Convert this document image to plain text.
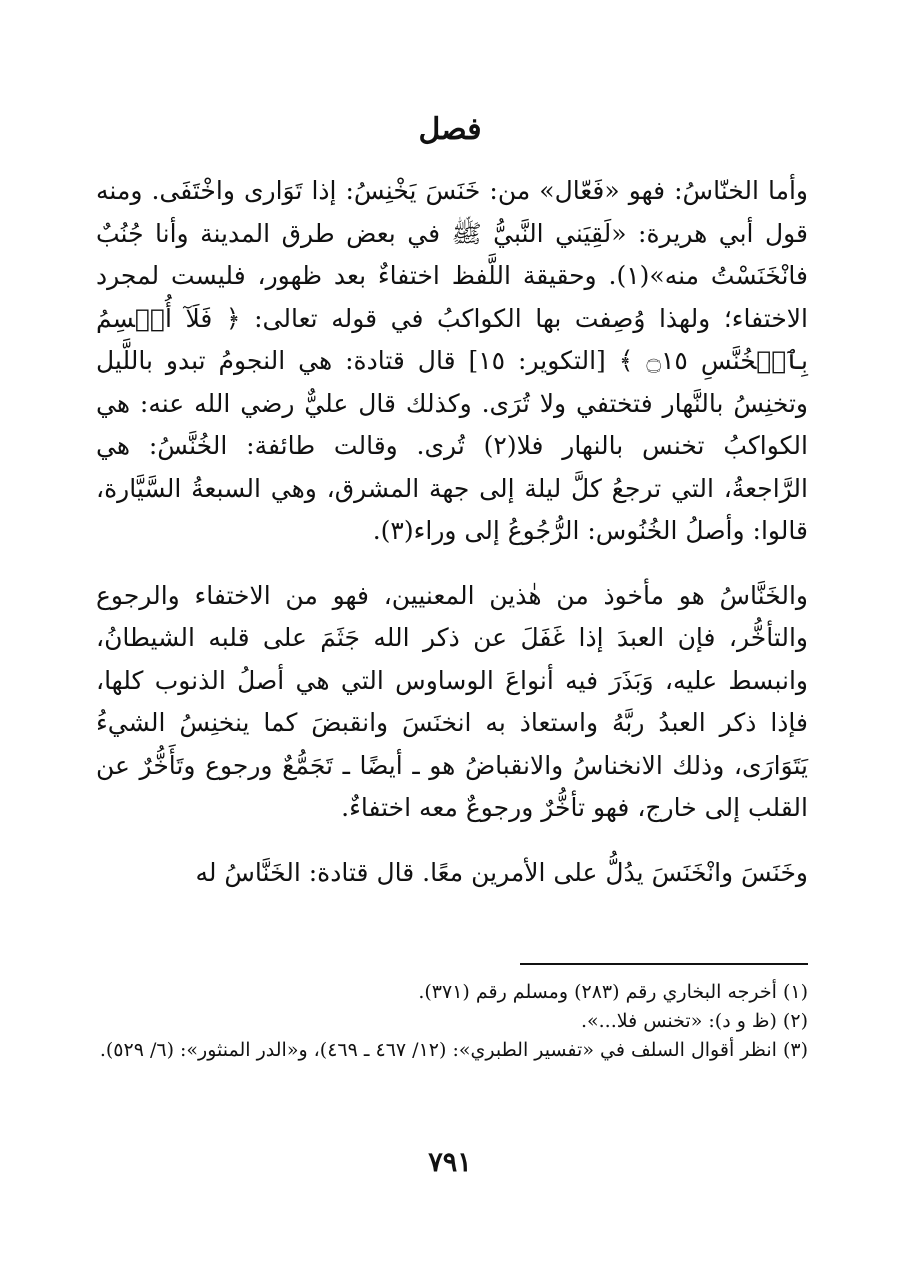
فصل

وأما الخنّاسُ: فهو «فَعّال» من: خَنَسَ يَخْنِسُ: إذا تَوَارى واخْتَفَى. ومنه قول أبي هريرة: «لَقِيَني النَّبيُّ ﷺ في بعض طرق المدينة وأنا جُنُبٌ فانْخَنَسْتُ منه»(١). وحقيقة اللَّفظ اختفاءٌ بعد ظهور، فليست لمجرد الاختفاء؛ ولهذا وُصِفت بها الكواكبُ في قوله تعالى: ﴿ فَلَآ أُقۡسِمُ بِٱلۡخُنَّسِ ۝١٥ ﴾ [التكوير: ١٥] قال قتادة: هي النجومُ تبدو باللَّيل وتخنِسُ بالنَّهار فتختفي ولا تُرَى. وكذلك قال عليٌّ رضي الله عنه: هي الكواكبُ تخنس بالنهار فلا(٢) تُرى. وقالت طائفة: الخُنَّسُ: هي الرَّاجعةُ، التي ترجعُ كلَّ ليلة إلى جهة المشرق، وهي السبعةُ السَّيَّارة، قالوا: وأصلُ الخُنُوس: الرُّجُوعُ إلى وراء(٣).

والخَنَّاسُ هو مأخوذ من هٰذين المعنيين، فهو من الاختفاء والرجوع والتأخُّر، فإن العبدَ إذا غَفَلَ عن ذكر الله جَثَمَ على قلبه الشيطانُ، وانبسط عليه، وَبَذَرَ فيه أنواعَ الوساوس التي هي أصلُ الذنوب كلها، فإذا ذكر العبدُ ربَّهُ واستعاذ به انخنَسَ وانقبضَ كما ينخنِسُ الشيءُ يَتَوَارَى، وذلك الانخناسُ والانقباضُ هو ـ أيضًا ـ تَجَمُّعٌ ورجوع وتَأَخُّرٌ عن القلب إلى خارج، فهو تأخُّرٌ ورجوعٌ معه اختفاءٌ.

وخَنَسَ وانْخَنَسَ يدُلُّ على الأمرين معًا. قال قتادة: الخَنَّاسُ له

(١) أخرجه البخاري رقم (٢٨٣) ومسلم رقم (٣٧١).

(٢) (ظ و د): «تخنس فلا...».

(٣) انظر أقوال السلف في «تفسير الطبري»: (١٢/ ٤٦٧ ـ ٤٦٩)، و«الدر المنثور»: (٦/ ٥٢٩).

٧٩١
